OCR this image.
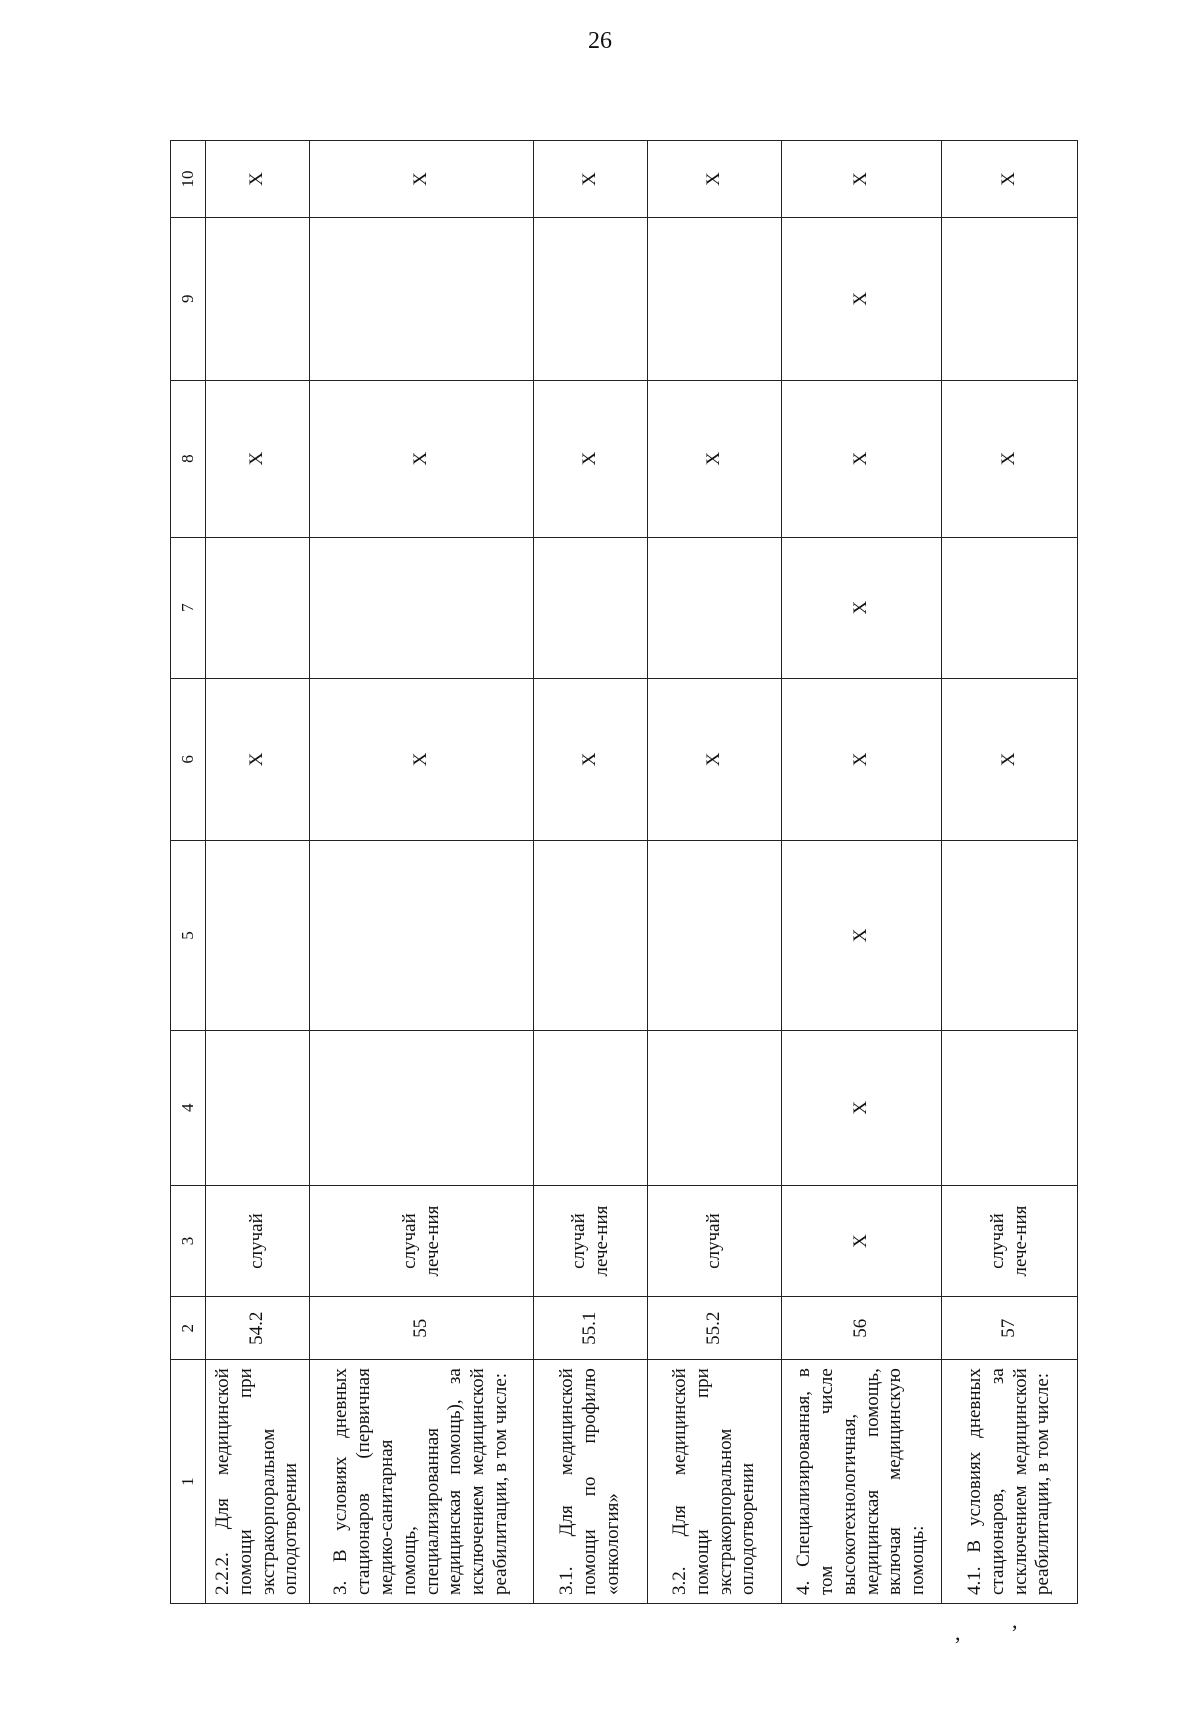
26
1	2	3	4	5	6	7	8	9	10
2.2.2. Для медицинской помощи при экстракорпоральном оплодотворении	54.2	случай			X		X		X
3. В условиях дневных стационаров (первичная медико-санитарная помощь, специализированная медицинская помощь), за исключением медицинской реабилитации, в том числе:	55	случай лече-ния			X		X		X
3.1. Для медицинской помощи по профилю «онкология»	55.1	случай лече-ния			X		X		X
3.2. Для медицинской помощи при экстракорпоральном оплодотворении	55.2	случай			X		X		X
4. Специализированная, в том числе высокотехнологичная, медицинская помощь, включая медицинскую помощь:	56	X	X	X	X	X	X	X	X
4.1. В условиях дневных стационаров, за исключением медицинской реабилитации, в том числе:	57	случай лече-ния			X		X		X
, ,
